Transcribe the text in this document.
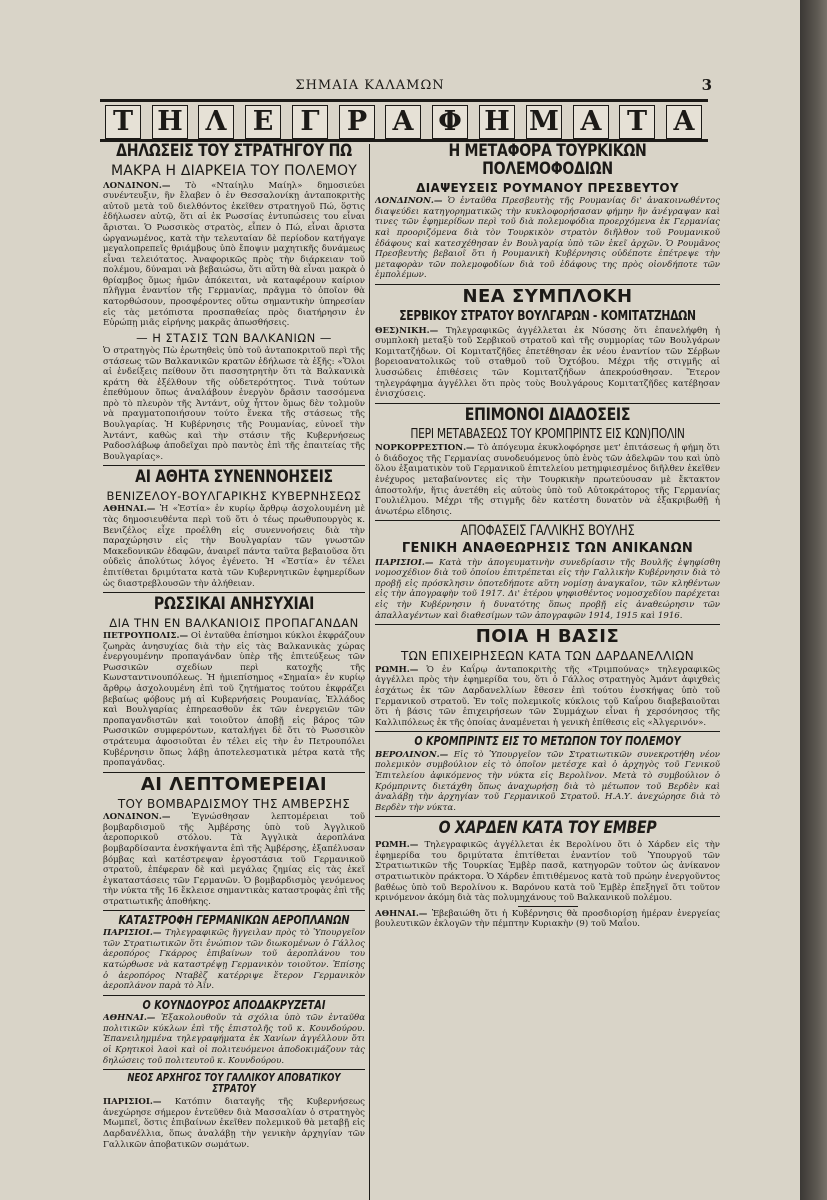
ΣΗΜΑΙΑ ΚΑΛΑΜΩΝ	3
Τ Η Λ Ε	Γ	Ρ Α Φ Η Μ Α Τ Α
ΔΗΛΩΣΕΙΣ ΤΟΥ ΣΤΡΑΤΗΓΟΥ ΠΩ
ΜΑΚΡΑ Η ΔΙΑΡΚΕΙΑ ΤΟΥ ΠΟΛΕΜΟΥ
ΛΟΝΔΙΝΟΝ.— Τὸ «Νταίηλυ Μαίηλ» δημοσιεύει συνέντευξιν, ἣν ἔλαβεν ὁ ἐν Θεσσαλονίκῃ ἀνταποκριτὴς αὐτοῦ μετὰ τοῦ διελθόντος ἐκεῖθεν στρατηγοῦ Πώ, ὅστις ἐδήλωσεν αὐτῷ, ὅτι αἱ ἐκ Ρωσσίας ἐντυπώσεις του εἶναι ἄρισται. Ὁ Ρωσσικὸς στρατὸς, εἶπεν ὁ Πώ, εἶναι ἄριστα ὠργανωμένος, κατὰ τὴν τελευταίαν δὲ περίοδον κατήγαγε μεγαλοπρεπεῖς θριάμβους ὑπὸ ἔποψιν μαχητικῆς δυνάμεως εἶναι τελειότατος. Ἀναφορικῶς πρὸς τὴν διάρκειαν τοῦ πολέμου, δύναμαι νὰ βεβαιώσω, ὅτι αὕτη θὰ εἶναι μακρὰ ὁ θρίαμβος ὅμως ἡμῶν ἀπόκειται, νὰ καταφέρουν καίριον πλῆγμα ἐναντίον τῆς Γερμανίας, πρᾶγμα τὸ ὁποῖον θὰ κατορθώσουν, προσφέροντες οὕτω σημαντικὴν ὑπηρεσίαν εἰς τὰς μετόπιστα προσπαθείας πρὸς διατήρησιν ἐν Εὐρώπῃ μιᾶς εἰρήνης μακρᾶς ἀπωσθήσεις.
— Η ΣΤΑΣΙΣ ΤΩΝ ΒΑΛΚΑΝΙΩΝ —
Ὁ στρατηγὸς Πὼ ἐρωτηθεὶς ὑπὸ τοῦ ἀνταποκριτοῦ περὶ τῆς στάσεως τῶν Βαλκανικῶν κρατῶν ἐδήλωσε τὰ ἑξῆς: «Ὅλοι αἱ ἐνδείξεις πείθουν ὅτι πασσητρητὴν ὅτι τὰ Βαλκανικὰ κράτη θὰ ἐξέλθουν τῆς οὐδετερότητος. Τινὰ τούτων ἐπεθύμουν ὅπως ἀναλάβουν ἐνεργὸν δρᾶσιν τασσόμενα πρὸ τὸ πλευρὸν τῆς Ἀντάντ, οὐχ ἧττον ὅμως δὲν τολμοῦν νὰ πραγματοποιήσουν τούτο ἕνεκα τῆς στάσεως τῆς Βουλγαρίας. Ἡ Κυβέρνησις τῆς Ρουμανίας, εὐνοεῖ τὴν Ἀντάντ, καθὼς καὶ τὴν στάσιν τῆς Κυβερνήσεως Ραδοσλάβωφ ἀποδεῖχαι πρὸ παντὸς ἐπὶ τῆς ἐπαιτείας τῆς Βουλγαρίας».
ΑΙ ΑΘΗΤΑ ΣΥΝΕΝΝΟΗΣΕΙΣ
ΒΕΝΙΖΕΛΟΥ-ΒΟΥΛΓΑΡΙΚΗΣ ΚΥΒΕΡΝΗΣΕΩΣ
ΑΘΗΝΑΙ.— Ἡ «Ἑστία» ἐν κυρίῳ ἄρθρῳ ἀσχολουμένη μὲ τὰς δημοσιευθέντα περὶ τοῦ ὅτι ὁ τέως πρωθυπουργὸς κ. Βενιζέλος εἶχε προέλθη εἰς συνεννοήσεις διὰ τὴν παραχώρησιν εἰς τὴν Βουλγαρίαν τῶν γνωστῶν Μακεδονικῶν ἐδαφῶν, ἀναιρεῖ πάντα ταῦτα βεβαιοῦσα ὅτι οὐδεὶς ἀπολύτως λόγος ἐγένετο. Ἡ «Ἑστία» ἐν τέλει ἐπιτίθεται δριμύτατα κατὰ τῶν Κυβερνητικῶν ἐφημερίδων ὡς διαστρεβλουσῶν τὴν ἀλήθειαν.
ΡΩΣΣΙΚΑΙ ΑΝΗΣΥΧΙΑΙ
ΔΙΑ ΤΗΝ ΕΝ ΒΑΛΚΑΝΙΟΙΣ ΠΡΟΠΑΓΑΝΔΑΝ
ΠΕΤΡΟΥΠΟΛΙΣ.— Οἱ ἐνταῦθα ἐπίσημοι κύκλοι ἐκφράζουν ζωηρὰς ἀνησυχίας διὰ τὴν εἰς τὰς Βαλκανικὰς χώρας ἐνεργουμένην προπαγάνδαν ὑπὲρ τῆς ἐπιτεύξεως τῶν Ρωσσικῶν σχεδίων περὶ κατοχῆς τῆς Κωνσταντινουπόλεως. Ἡ ἡμιεπίσημος «Σημαία» ἐν κυρίῳ ἄρθρῳ ἀσχολουμένη ἐπὶ τοῦ ζητήματος τούτου ἐκφράζει βεβαίως φόβους μή αἱ Κυβερνήσεις Ρουμανίας, Ἑλλάδος καὶ Βουλγαρίας ἐπηρεασθοῦν ἐκ τῶν ἐνεργειῶν τῶν προπαγανδιστῶν καὶ τοιοῦτον ἀποβῇ εἰς βάρος τῶν Ρωσσικῶν συμφερόντων, καταλήγει δὲ ὅτι τὸ Ρωσσικὸν στράτευμα ἀφοσιοῦται ἐν τέλει εἰς τὴν ἐν Πετρουπόλει Κυβέρνησιν ὅπως λάβῃ ἀποτελεσματικὰ μέτρα κατὰ τῆς προπαγάνδας.
ΑΙ ΛΕΠΤΟΜΕΡΕΙΑΙ
ΤΟΥ ΒΟΜΒΑΡΔΙΣΜΟΥ ΤΗΣ ΑΜΒΕΡΣΗΣ
ΛΟΝΔΙΝΟΝ.— Ἐγνώσθησαν λεπτομέρειαι τοῦ βομβαρδισμοῦ τῆς Ἀμβέρσης ὑπὸ τοῦ Ἀγγλικοῦ ἀεροπορικοῦ στόλου. Τὰ Ἀγγλικὰ ἀεροπλάνα βομβαρδίσαντα ἐνσκήψαντα ἐπὶ τῆς Ἀμβέρσης, ἐξαπέλυσαν βόμβας καὶ κατέστρεψαν ἐργοστάσια τοῦ Γερμανικοῦ στρατοῦ, ἐπέφεραν δὲ καὶ μεγάλας ζημίας εἰς τὰς ἐκεῖ ἐγκαταστάσεις τῶν Γερμανῶν. Ὁ βομβαρδισμὸς γενόμενος τὴν νύκτα τῆς 16 ἔκλεισε σημαντικὰς καταστροφὰς ἐπὶ τῆς στρατιωτικῆς ἀποθήκης.
ΚΑΤΑΣΤΡΟΦΗ ΓΕΡΜΑΝΙΚΩΝ ΑΕΡΟΠΛΑΝΩΝ
ΠΑΡΙΣΙΟΙ.— Τηλεγραφικῶς ἤγγειλαν πρὸς τὸ Ὑπουργεῖον τῶν Στρατιωτικῶν ὅτι ἐνώπιον τῶν διωκομένων ὁ Γάλλος ἀεροπόρος Γκάρρος ἐπιβαίνων τοῦ ἀεροπλάνου του κατώρθωσε νὰ καταστρέψῃ Γερμανικὸν τοιοῦτον. Ἐπίσης ὁ ἀεροπόρος Νταβὲζ κατέρριψε ἕτερον Γερμανικὸν ἀεροπλάνον παρὰ τὸ Ἀΐν.
Ο ΚΟΥΝΔΟΥΡΟΣ ΑΠΟΔΑΚΡΥΖΕΤΑΙ
ΑΘΗΝΑΙ.— Ἐξακολουθοῦν τὰ σχόλια ὑπὸ τῶν ἐνταῦθα πολιτικῶν κύκλων ἐπὶ τῆς ἐπιστολῆς τοῦ κ. Κουνδούρου. Ἐπανειλημμένα τηλεγραφήματα ἐκ Χανίων ἀγγέλλουν ὅτι οἱ Κρητικοὶ λαοὶ καὶ οἱ πολιτευόμενοι ἀποδοκιμάζουν τὰς δηλώσεις τοῦ πολιτευτοῦ κ. Κουνδούρου.
ΝΕΟΣ ΑΡΧΗΓΟΣ ΤΟΥ ΓΑΛΛΙΚΟΥ ΑΠΟΒΑΤΙΚΟΥ ΣΤΡΑΤΟΥ
ΠΑΡΙΣΙΟΙ.— Κατόπιν διαταγῆς τῆς Κυβερνήσεως ἀνεχώρησε σήμερον ἐντεῦθεν διὰ Μασσαλίαν ὁ στρατηγὸς Μωμπεῖ, ὅστις ἐπιβαίνων ἐκεῖθεν πολεμικοῦ θὰ μεταβῇ εἰς Δαρδανέλλια, ὅπως ἀναλάβῃ τὴν γενικὴν ἀρχηγίαν τῶν Γαλλικῶν ἀποβατικῶν σωμάτων.
Η ΜΕΤΑΦΟΡΑ ΤΟΥΡΚΙΚΩΝ ΠΟΛΕΜΟΦΟΔΙΩΝ
ΔΙΑΨΕΥΣΕΙΣ ΡΟΥΜΑΝΟΥ ΠΡΕΣΒΕΥΤΟΥ
ΛΟΝΔΙΝΟΝ.— Ὁ ἐνταῦθα Πρεσβευτὴς τῆς Ρουμανίας δι' ἀνακοινωθέντος διαψεύδει κατηγορηματικῶς τὴν κυκλοφορήσασαν φήμην ἣν ἀνέγραψαν καὶ τινες τῶν ἐφημερίδων περὶ τοῦ διὰ πολεμοφόδια προερχόμενα ἐκ Γερμανίας καὶ προοριζόμενα διὰ τὸν Τουρκικὸν στρατὸν διῆλθον τοῦ Ρουμανικοῦ ἐδάφους καὶ κατεσχέθησαν ἐν Βουλγαρίᾳ ὑπὸ τῶν ἐκεῖ ἀρχῶν. Ὁ Ρουμᾶνος Πρεσβευτὴς βεβαιοῖ ὅτι ἡ Ρουμανικὴ Κυβέρνησις οὐδέποτε ἐπέτρεψε τὴν μεταφορὰν τῶν πολεμοφοδίων διὰ τοῦ ἐδάφους της πρὸς οἱονδήποτε τῶν ἐμπολέμων.
ΝΕΑ ΣΥΜΠΛΟΚΗ
ΣΕΡΒΙΚΟΥ ΣΤΡΑΤΟΥ ΒΟΥΛΓΑΡΩΝ - ΚΟΜΙΤΑΤΖΗΔΩΝ
ΘΕΣ)ΝΙΚΗ.— Τηλεγραφικῶς ἀγγέλλεται ἐκ Νύσσης ὅτι ἐπανελήφθη ἡ συμπλοκὴ μεταξὺ τοῦ Σερβικοῦ στρατοῦ καὶ τῆς συμμορίας τῶν Βουλγάρων Κομιτατζήδων. Οἱ Κομιτατζῆδες ἐπετέθησαν ἐκ νέου ἐναντίον τῶν Σέρβων βορειοανατολικῶς τοῦ σταθμοῦ τοῦ Ὀχτόβου. Μέχρι τῆς στιγμῆς αἱ λυσσώδεις ἐπιθέσεις τῶν Κομιτατζήδων ἀπεκρούσθησαν. Ἕτερον τηλεγράφημα ἀγγέλλει ὅτι πρὸς τοὺς Βουλγάρους Κομιτατζῆδες κατέβησαν ἐνισχύσεις.
ΕΠΙΜΟΝΟΙ ΔΙΑΔΟΣΕΙΣ
ΠΕΡΙ ΜΕΤΑΒΑΣΕΩΣ ΤΟΥ ΚΡΟΜΠΡΙΝΤΣ ΕΙΣ ΚΩΝ)ΠΟΛΙΝ
ΝΟΡΚΟΡΡΕΣΤΙΟΝ.— Τὸ ἀπόγευμα ἐκυκλοφόρησε μετ' ἐπιτάσεως ἡ φήμη ὅτι ὁ διάδοχος τῆς Γερμανίας συνοδευόμενος ὑπὸ ἑνὸς τῶν ἀδελφῶν του καὶ ὑπὸ ὅλου ἐξαιματικὸν τοῦ Γερμανικοῦ ἐπιτελείου μετημφιεσμένος διῆλθεν ἐκεῖθεν ἐνέχυρος μεταβαίνοντες εἰς τὴν Τουρκικὴν πρωτεύουσαν μὲ ἔκτακτον ἀποστολήν, ἥτις ἀνετέθη εἰς αὐτοὺς ὑπὸ τοῦ Αὐτοκράτορος τῆς Γερμανίας Γουλιέλμου. Μέχρι τῆς στιγμῆς δὲν κατέστη δυνατὸν νὰ ἐξακριβωθῇ ἡ ἀνωτέρω εἴδησις.
ΑΠΟΦΑΣΕΙΣ ΓΑΛΛΙΚΗΣ ΒΟΥΛΗΣ
ΓΕΝΙΚΗ ΑΝΑΘΕΩΡΗΣΙΣ ΤΩΝ ΑΝΙΚΑΝΩΝ
ΠΑΡΙΣΙΟΙ.— Κατὰ τὴν ἀπογευματινὴν συνεδρίασιν τῆς Βουλῆς ἐψηφίσθη νομοσχέδιον διὰ τοῦ ὁποίου ἐπιτρέπεται εἰς τὴν Γαλλικὴν Κυβέρνησιν διὰ τὸ προβῇ εἰς πρόσκλησιν ὁποτεδήποτε αὕτη νομίσῃ ἀναγκαῖον, τῶν κληθέντων εἰς τὴν ἀπογραφὴν τοῦ 1917. Δι' ἑτέρου ψηφισθέντος νομοσχεδίου παρέχεται εἰς τὴν Κυβέρνησιν ἡ δυνατότης ὅπως προβῇ εἰς ἀναθεώρησιν τῶν ἀπαλλαγέντων καὶ διαθεσίμων τῶν ἀπογραφῶν 1914, 1915 καὶ 1916.
ΠΟΙΑ Η ΒΑΣΙΣ
ΤΩΝ ΕΠΙΧΕΙΡΗΣΕΩΝ ΚΑΤΑ ΤΩΝ ΔΑΡΔΑΝΕΛΛΙΩΝ
ΡΩΜΗ.— Ὁ ἐν Καΐρῳ ἀνταποκριτὴς τῆς «Τριμπούνας» τηλεγραφικῶς ἀγγέλλει πρὸς τὴν ἐφημερίδα του, ὅτι ὁ Γάλλος στρατηγὸς Ἀμάντ ἀφιχθεὶς ἐσχάτως ἐκ τῶν Δαρδανελλίων ἔθεσεν ἐπὶ τούτου ἐνσκήψας ὑπὸ τοῦ Γερμανικοῦ στρατοῦ. Ἐν τοῖς πολεμικοῖς κύκλοις τοῦ Καΐρου διαβεβαιοῦται ὅτι ἡ βάσις τῶν ἐπιχειρήσεων τῶν Συμμάχων εἶναι ἡ χερσόνησος τῆς Καλλιπόλεως ἐκ τῆς ὁποίας ἀναμένεται ἡ γενικὴ ἐπίθεσις εἰς «Ἀλγερινόν».
Ο ΚΡΟΜΠΡΙΝΤΣ ΕΙΣ ΤΟ ΜΕΤΩΠΟΝ ΤΟΥ ΠΟΛΕΜΟΥ
ΒΕΡΟΛΙΝΟΝ.— Εἰς τὸ Ὑπουργεῖον τῶν Στρατιωτικῶν συνεκροτήθη νέον πολεμικὸν συμβούλιον εἰς τὸ ὁποῖον μετέσχε καὶ ὁ ἀρχηγὸς τοῦ Γενικοῦ Ἐπιτελείου ἀφικόμενος τὴν νύκτα εἰς Βερολῖνον. Μετὰ τὸ συμβούλιον ὁ Κρόμπριντς διετάχθη ὅπως ἀναχωρήσῃ διὰ τὸ μέτωπον τοῦ Βερδὲν καὶ ἀναλάβῃ τὴν ἀρχηγίαν τοῦ Γερμανικοῦ Στρατοῦ. Η.Α.Υ. ἀνεχώρησε διὰ τὸ Βερδὲν τὴν νύκτα.
Ο ΧΑΡΔΕΝ ΚΑΤΑ ΤΟΥ ΕΜΒΕΡ
ΡΩΜΗ.— Τηλεγραφικῶς ἀγγέλλεται ἐκ Βερολίνου ὅτι ὁ Χάρδεν εἰς τὴν ἐφημερίδα του δριμύτατα ἐπιτίθεται ἐναντίον τοῦ Ὑπουργοῦ τῶν Στρατιωτικῶν τῆς Τουρκίας Ἐμβὲρ πασᾶ, κατηγορῶν τοῦτον ὡς ἀνίκανον στρατιωτικὸν πράκτορα. Ὁ Χάρδεν ἐπιτιθέμενος κατὰ τοῦ πρώην ἐνεργοῦντος βαθέως ὑπὸ τοῦ Βερολίνου κ. Βαρόνου κατὰ τοῦ Ἐμβὲρ ἐπεξηγεῖ ὅτι τοῦτον κρινόμενον ἀκόμη διὰ τὰς πολυμηχάνους τοῦ Βαλκανικοῦ πολέμου.
ΑΘΗΝΑΙ.— Ἐβεβαιώθη ὅτι ἡ Κυβέρνησις θὰ προσδιορίσῃ ἡμέραν ἐνεργείας βουλευτικῶν ἐκλογῶν τὴν πέμπτην Κυριακὴν (9) τοῦ Μαΐου.
